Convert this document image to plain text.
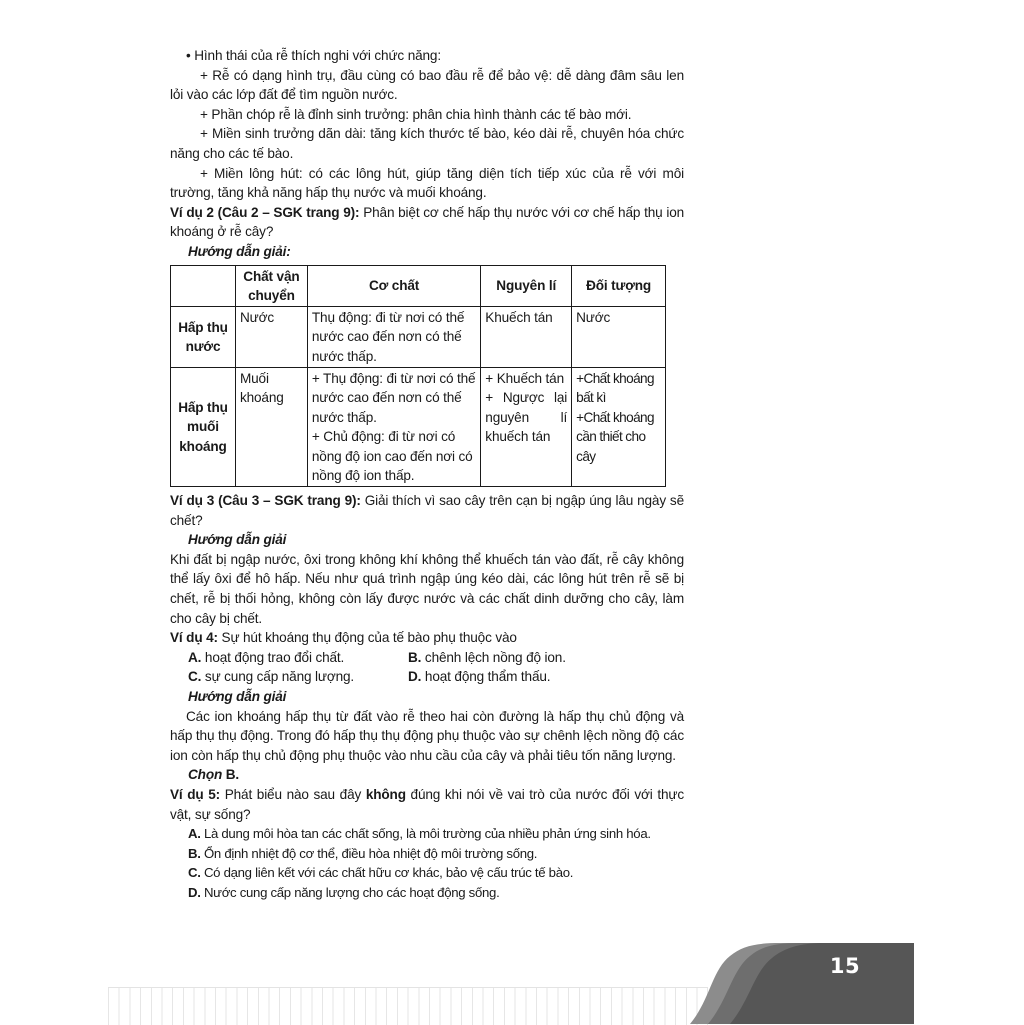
• Hình thái của rễ thích nghi với chức năng:

+ Rễ có dạng hình trụ, đầu cùng có bao đầu rễ để bảo vệ: dễ dàng đâm sâu len lỏi vào các lớp đất để tìm nguồn nước.

+ Phần chóp rễ là đỉnh sinh trưởng: phân chia hình thành các tế bào mới.

+ Miền sinh trưởng dãn dài: tăng kích thước tế bào, kéo dài rễ, chuyên hóa chức năng cho các tế bào.

+ Miền lông hút: có các lông hút, giúp tăng diện tích tiếp xúc của rễ với môi trường, tăng khả năng hấp thụ nước và muối khoáng.

Ví dụ 2 (Câu 2 – SGK trang 9): Phân biệt cơ chế hấp thụ nước với cơ chế hấp thụ ion khoáng ở rễ cây?

Hướng dẫn giải:

	Chất vận chuyển	Cơ chất	Nguyên lí	Đối tượng
Hấp thụ nước	Nước	Thụ động: đi từ nơi có thế nước cao đến nơn có thế nước thấp.	Khuếch tán	Nước
Hấp thụ muối khoáng	Muối khoáng	+ Thụ động: đi từ nơi có thế nước cao đến nơn có thế nước thấp.
+ Chủ động: đi từ nơi có nồng độ ion cao đến nơi có nồng độ ion thấp.	+ Khuếch tán
+ Ngược lại nguyên lí khuếch tán	+Chất khoáng bất kì
+Chất khoáng cần thiết cho cây

Ví dụ 3 (Câu 3 – SGK trang 9): Giải thích vì sao cây trên cạn bị ngập úng lâu ngày sẽ chết?

Hướng dẫn giải

Khi đất bị ngập nước, ôxi trong không khí không thể khuếch tán vào đất, rễ cây không thể lấy ôxi để hô hấp. Nếu như quá trình ngập úng kéo dài, các lông hút trên rễ sẽ bị chết, rễ bị thối hỏng, không còn lấy được nước và các chất dinh dưỡng cho cây, làm cho cây bị chết.

Ví dụ 4: Sự hút khoáng thụ động của tế bào phụ thuộc vào

A. hoạt động trao đổi chất.	B. chênh lệch nồng độ ion.
C. sự cung cấp năng lượng.	D. hoạt động thẩm thấu.

Hướng dẫn giải

Các ion khoáng hấp thụ từ đất vào rễ theo hai còn đường là hấp thụ chủ động và hấp thụ thụ động. Trong đó hấp thụ thụ động phụ thuộc vào sự chênh lệch nồng độ các ion còn hấp thụ chủ động phụ thuộc vào nhu cầu của cây và phải tiêu tốn năng lượng.

Chọn B.

Ví dụ 5: Phát biểu nào sau đây không đúng khi nói về vai trò của nước đối với thực vật, sự sống?

A. Là dung môi hòa tan các chất sống, là môi trường của nhiều phản ứng sinh hóa.

B. Ổn định nhiệt độ cơ thể, điều hòa nhiệt độ môi trường sống.

C. Có dạng liên kết với các chất hữu cơ khác, bảo vệ cấu trúc tế bào.

D. Nước cung cấp năng lượng cho các hoạt động sống.

15
